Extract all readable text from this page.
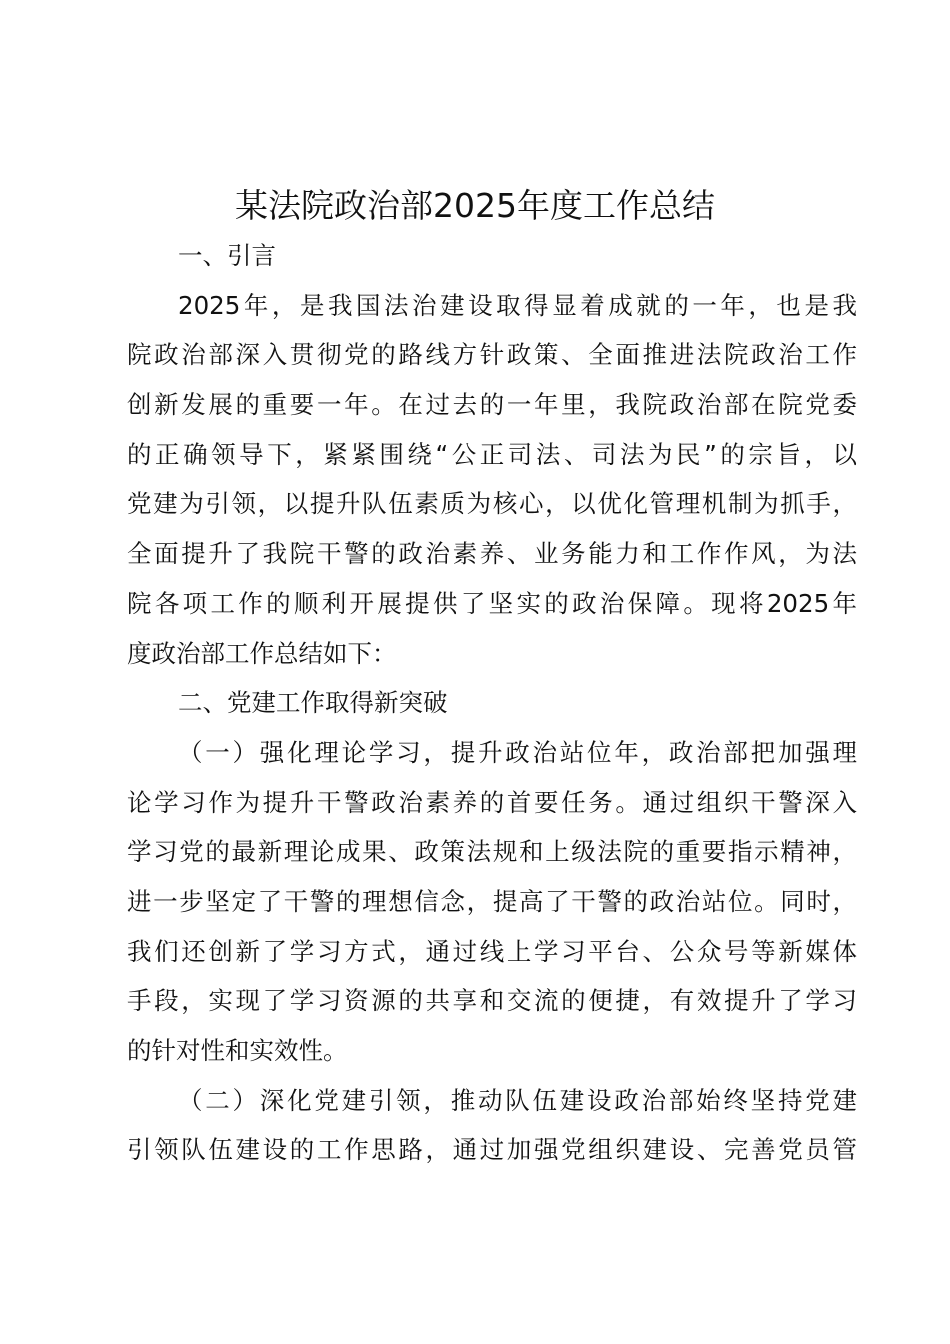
某法院政治部2025年度工作总结
一、引言
2025年，是我国法治建设取得显着成就的一年，也是我
院政治部深入贯彻党的路线方针政策、全面推进法院政治工作
创新发展的重要一年。在过去的一年里，我院政治部在院党委
的正确领导下，紧紧围绕“公正司法、司法为民”的宗旨，以
党建为引领，以提升队伍素质为核心，以优化管理机制为抓手，
全面提升了我院干警的政治素养、业务能力和工作作风，为法
院各项工作的顺利开展提供了坚实的政治保障。现将2025年
度政治部工作总结如下：
二、党建工作取得新突破
（一）强化理论学习，提升政治站位年，政治部把加强理
论学习作为提升干警政治素养的首要任务。通过组织干警深入
学习党的最新理论成果、政策法规和上级法院的重要指示精神，
进一步坚定了干警的理想信念，提高了干警的政治站位。同时，
我们还创新了学习方式，通过线上学习平台、公众号等新媒体
手段，实现了学习资源的共享和交流的便捷，有效提升了学习
的针对性和实效性。
（二）深化党建引领，推动队伍建设政治部始终坚持党建
引领队伍建设的工作思路，通过加强党组织建设、完善党员管
